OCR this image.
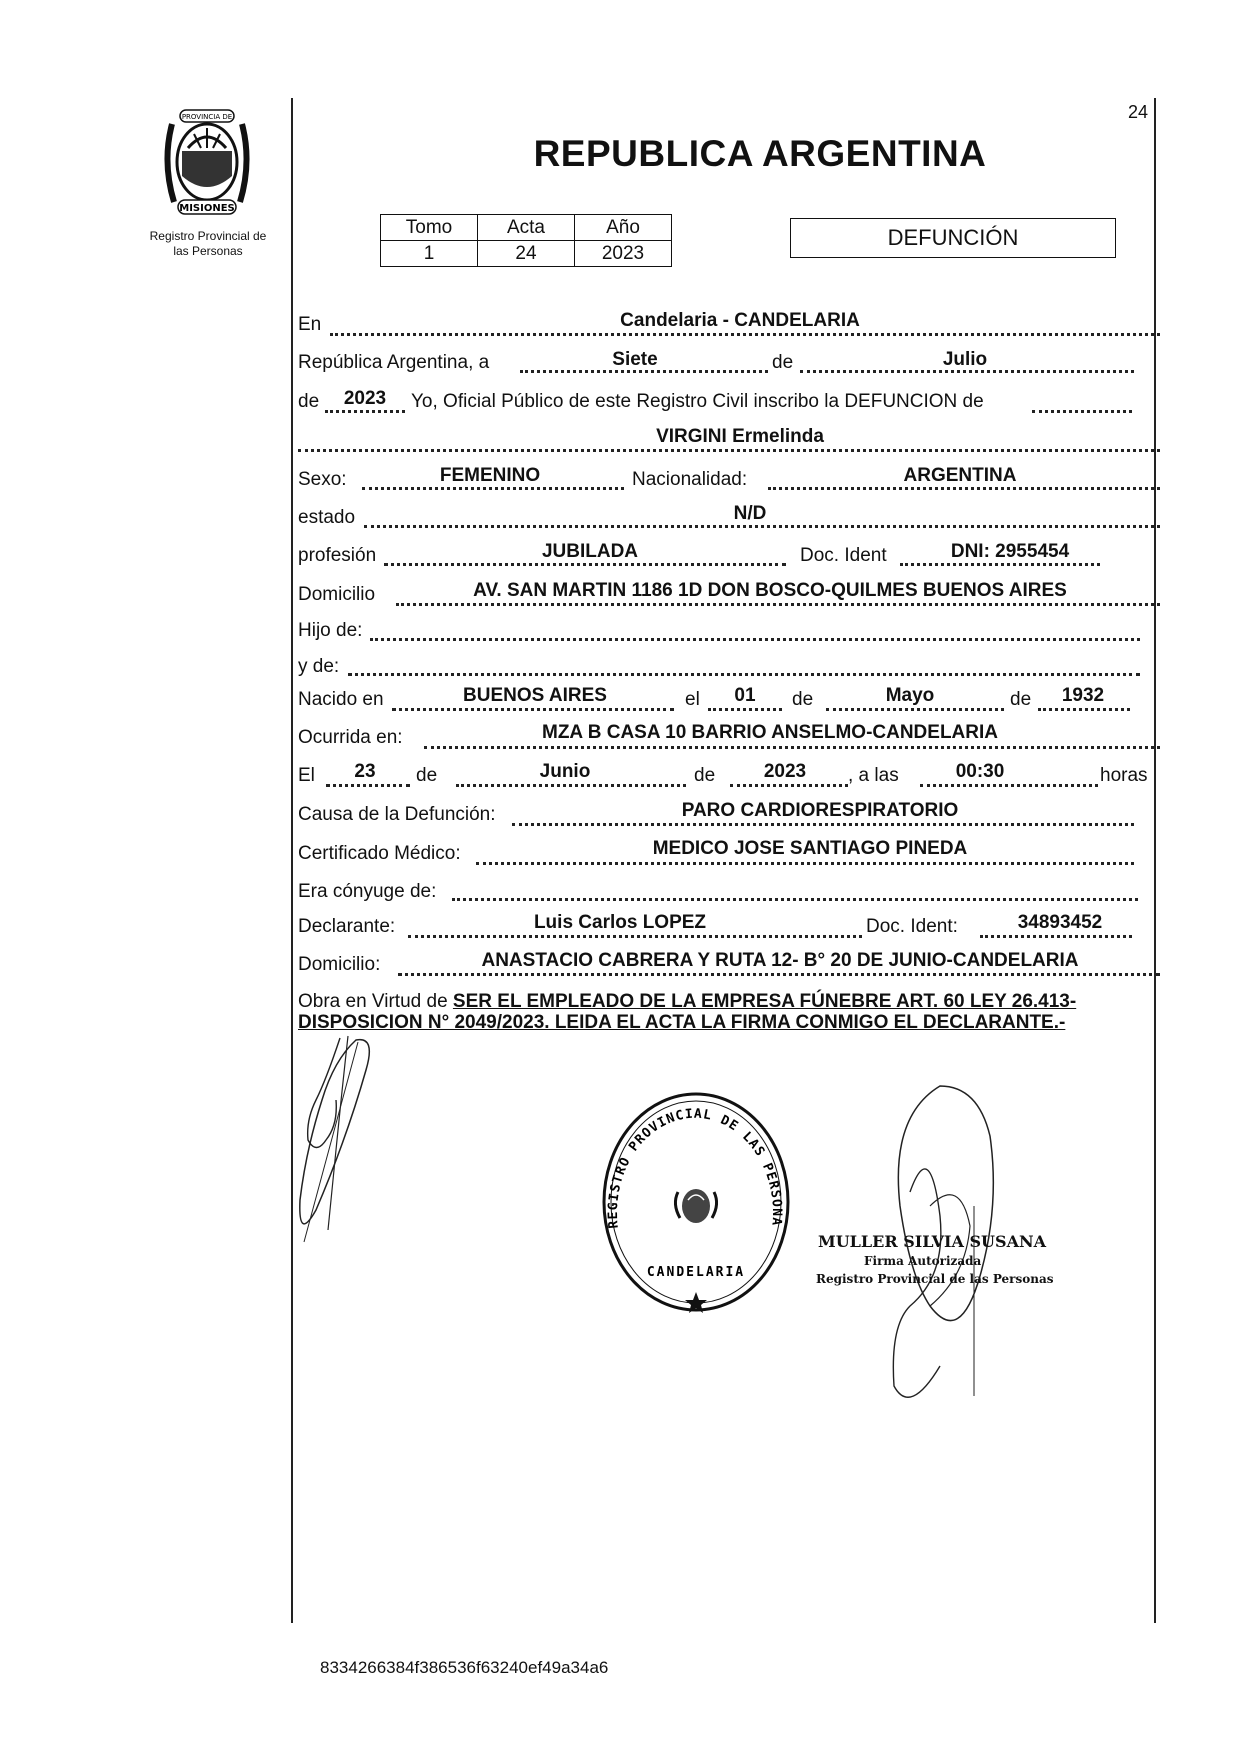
24
PROVINCIA DE
MISIONES
Registro Provincial de
las Personas
REPUBLICA ARGENTINA
Tomo	Acta	Año
1	24	2023
DEFUNCIÓN
En	Candelaria - CANDELARIA
República Argentina, a	Siete	de	Julio
de	2023	Yo, Oficial Público de este Registro Civil inscribo la DEFUNCION de
VIRGINI Ermelinda
Sexo:	FEMENINO	Nacionalidad:	ARGENTINA
estado	N/D
profesión	JUBILADA	Doc. Ident	DNI: 2955454
Domicilio	AV. SAN MARTIN 1186 1D DON BOSCO-QUILMES BUENOS AIRES
Hijo de:
y de:
Nacido en	BUENOS AIRES	el	01	de	Mayo	de	1932
Ocurrida en:	MZA B CASA 10 BARRIO ANSELMO-CANDELARIA
El	23	de	Junio	de	2023	, a las	00:30	horas
Causa de la Defunción:	PARO CARDIORESPIRATORIO
Certificado Médico:	MEDICO JOSE SANTIAGO PINEDA
Era cónyuge de:
Declarante:	Luis Carlos LOPEZ	Doc. Ident:	34893452
Domicilio:	ANASTACIO CABRERA Y RUTA 12- B° 20 DE JUNIO-CANDELARIA
Obra en Virtud de SER EL EMPLEADO DE LA EMPRESA FÚNEBRE ART. 60 LEY 26.413-
DISPOSICION N° 2049/2023. LEIDA EL ACTA LA FIRMA CONMIGO EL DECLARANTE.-
REGISTRO PROVINCIAL DE LAS PERSONA
CANDELARIA
MULLER SILVIA SUSANA
Firma Autorizada
Registro Provincial de las Personas
8334266384f386536f63240ef49a34a6
